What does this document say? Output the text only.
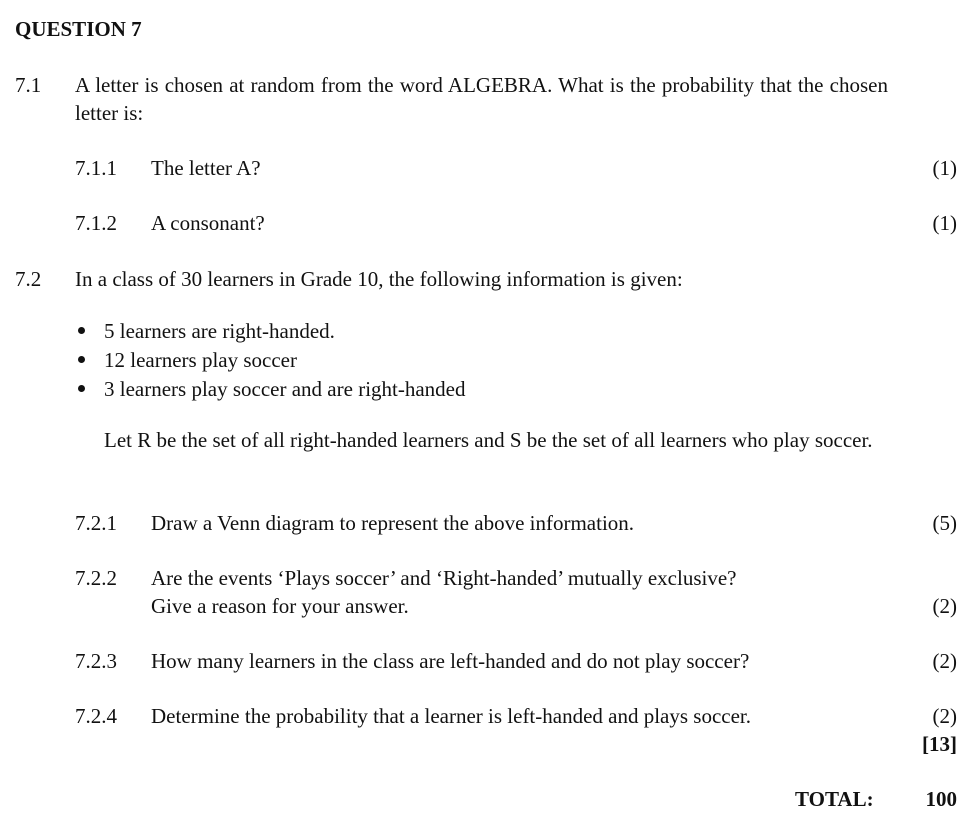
QUESTION 7
7.1 A letter is chosen at random from the word ALGEBRA. What is the probability that the chosen letter is:
7.1.1 The letter A?	(1)
7.1.2 A consonant?	(1)
7.2 In a class of 30 learners in Grade 10, the following information is given:
5 learners are right-handed.
12 learners play soccer
3 learners play soccer and are right-handed
Let R be the set of all right-handed learners and S be the set of all learners who play soccer.
7.2.1 Draw a Venn diagram to represent the above information.	(5)
7.2.2 Are the events ‘Plays soccer’ and ‘Right-handed’ mutually exclusive?
Give a reason for your answer.	(2)
7.2.3 How many learners in the class are left-handed and do not play soccer?	(2)
7.2.4 Determine the probability that a learner is left-handed and plays soccer.	(2)
[13]
TOTAL: 100
